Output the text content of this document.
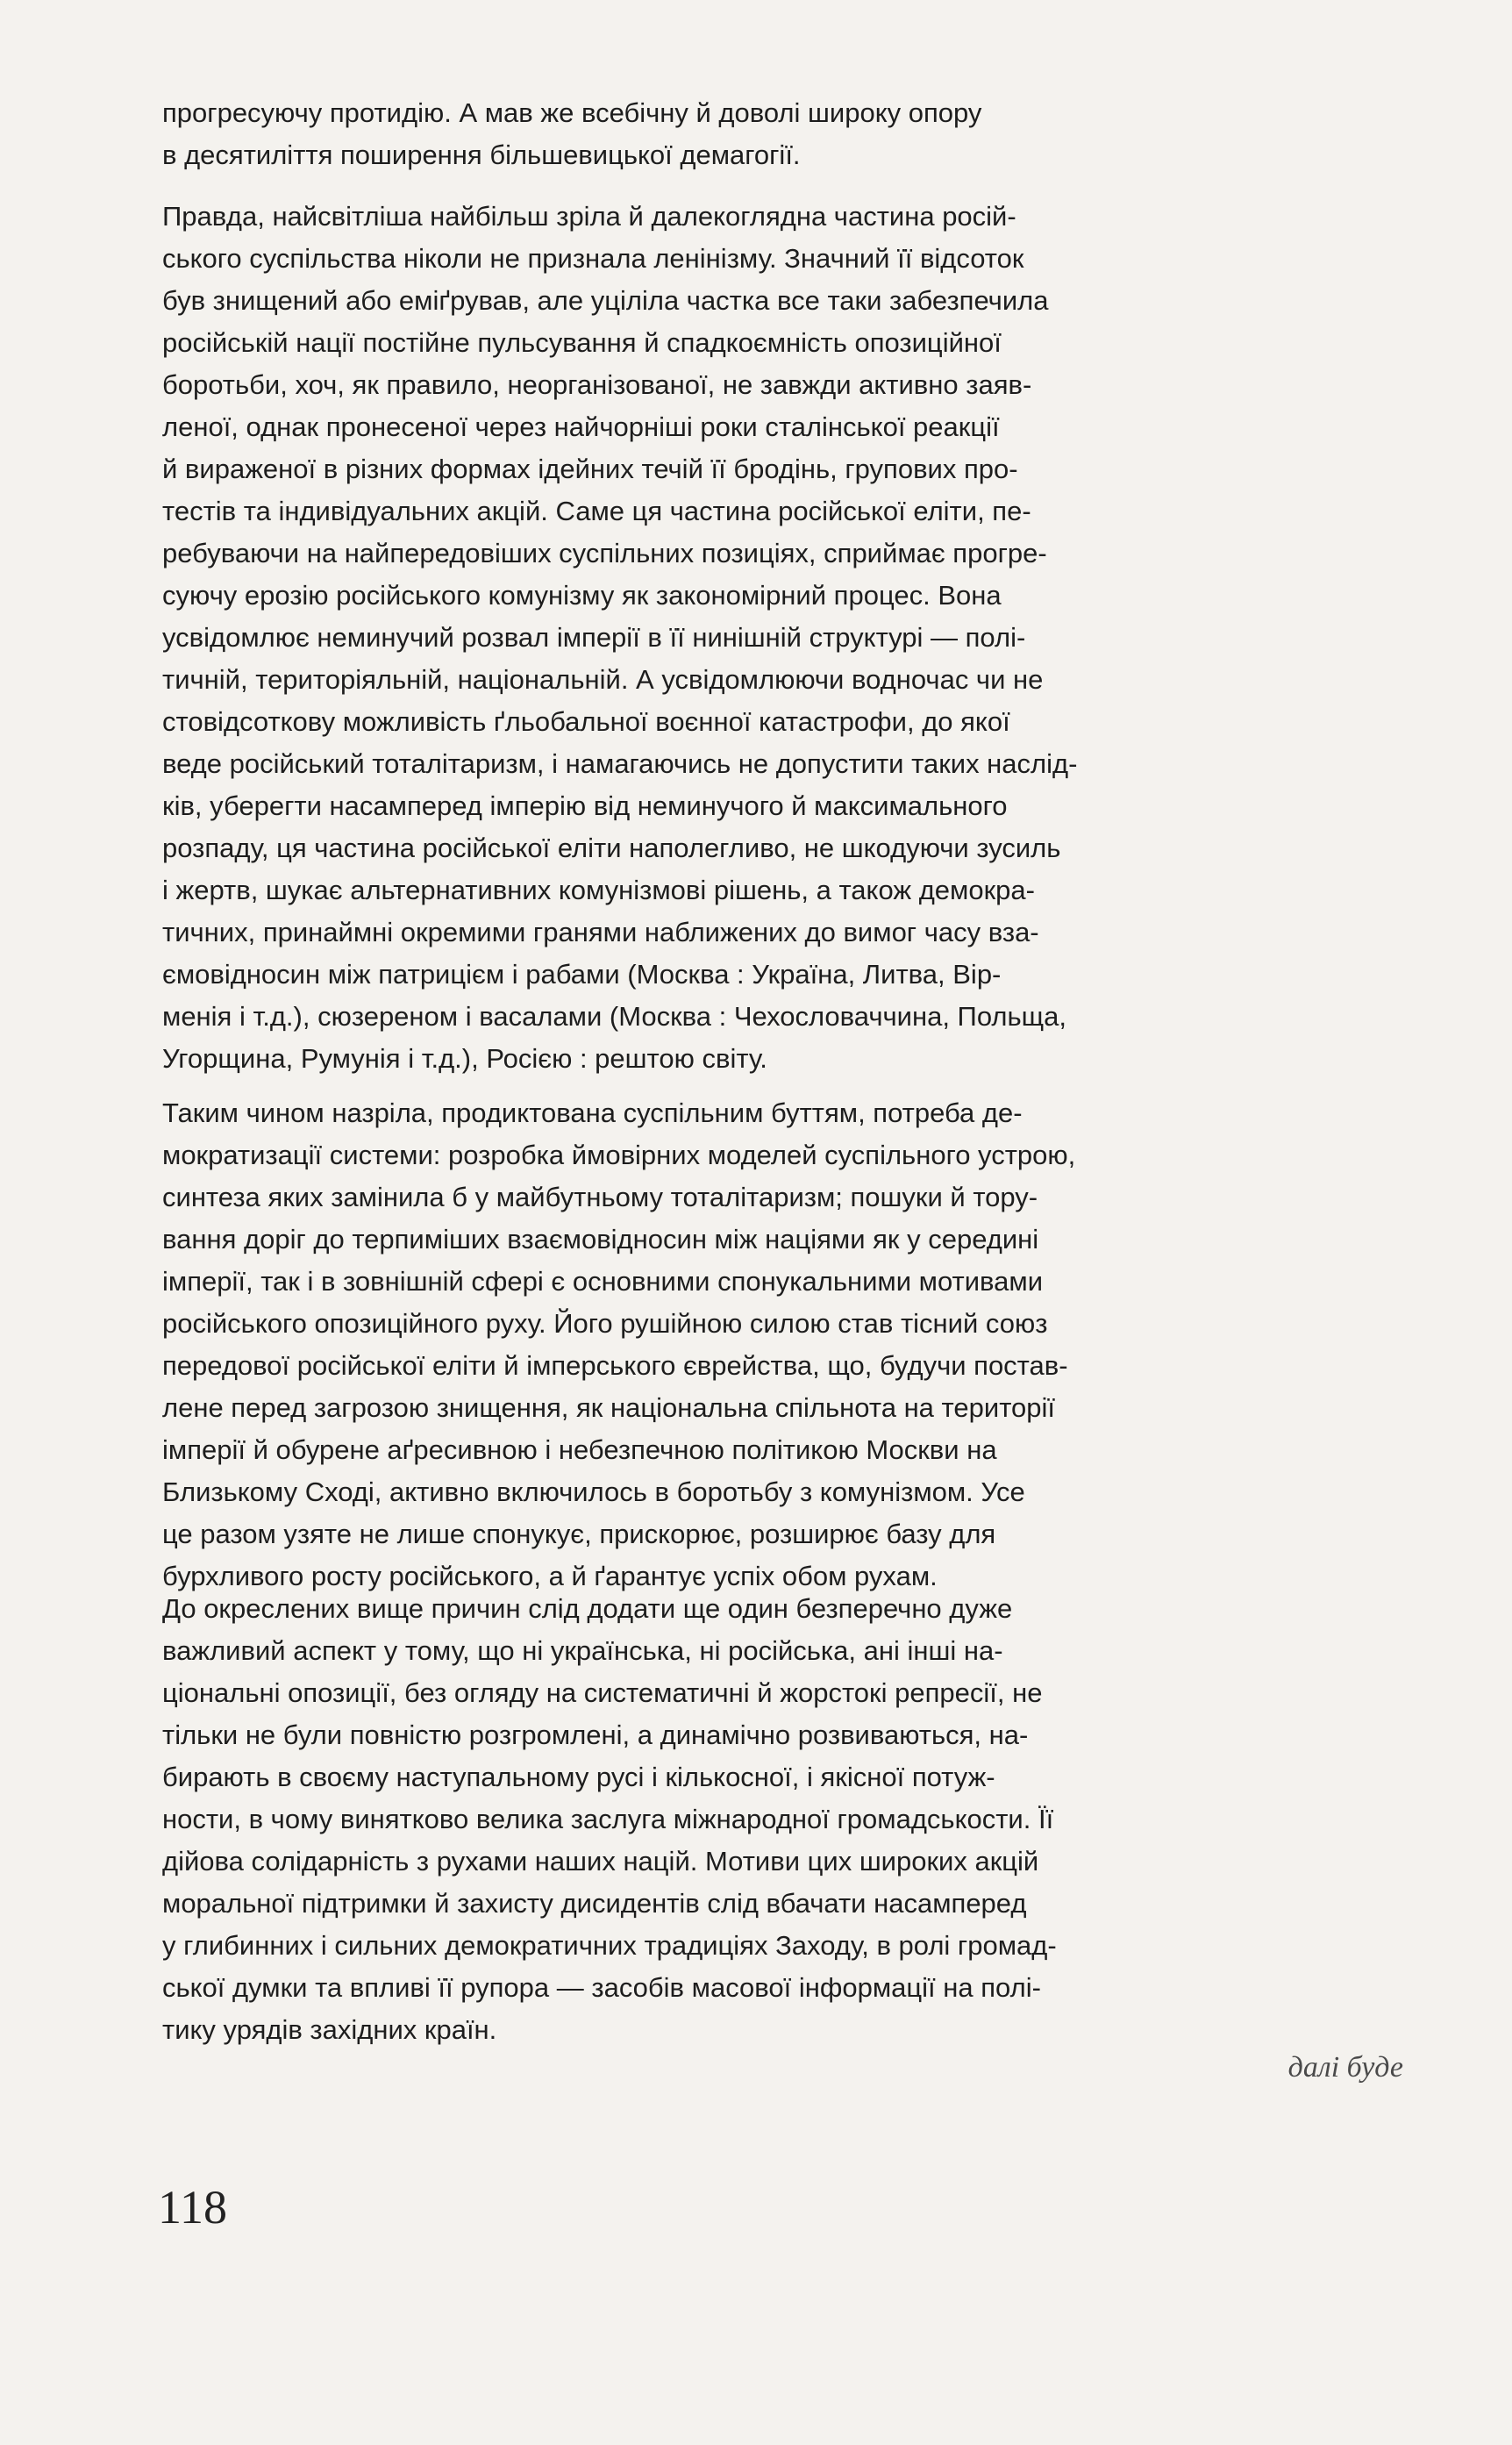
прогресуючу протидію. А мав же всебічну й доволі широку опору
в десятиліття поширення більшевицької демагогії.

Правда, найсвітліша найбільш зріла й далекоглядна частина росій-
ського суспільства ніколи не признала ленінізму. Значний її відсоток
був знищений або еміґрував, але уціліла частка все таки забезпечила
російській нації постійне пульсування й спадкоємність опозиційної
боротьби, хоч, як правило, неорганізованої, не завжди активно заяв-
леної, однак пронесеної через найчорніші роки сталінської реакції
й вираженої в різних формах ідейних течій її бродінь, групових про-
тестів та індивідуальних акцій. Саме ця частина російської еліти, пе-
ребуваючи на найпередовіших суспільних позиціях, сприймає прогре-
суючу ерозію російського комунізму як закономірний процес. Вона
усвідомлює неминучий розвал імперії в її нинішній структурі — полі-
тичній, територіяльній, національній. А усвідомлюючи водночас чи не
стовідсоткову можливість ґльобальної воєнної катастрофи, до якої
веде російський тоталітаризм, і намагаючись не допустити таких наслід-
ків, уберегти насамперед імперію від неминучого й максимального
розпаду, ця частина російської еліти наполегливо, не шкодуючи зусиль
і жертв, шукає альтернативних комунізмові рішень, а також демокра-
тичних, принаймні окремими гранями наближених до вимог часу вза-
ємовідносин між патрицієм і рабами (Москва : Україна, Литва, Вір-
менія і т.д.), сюзереном і васалами (Москва : Чехословаччина, Польща,
Угорщина, Румунія і т.д.), Росією : рештою світу.

Таким чином назріла, продиктована суспільним буттям, потреба де-
мократизації системи: розробка ймовірних моделей суспільного устрою,
синтеза яких замінила б у майбутньому тоталітаризм; пошуки й тору-
вання доріг до терпиміших взаємовідносин між націями як у середині
імперії, так і в зовнішній сфері є основними спонукальними мотивами
російського опозиційного руху. Його рушійною силою став тісний союз
передової російської еліти й імперського єврейства, що, будучи постав-
лене перед загрозою знищення, як національна спільнота на території
імперії й обурене аґресивною і небезпечною політикою Москви на
Близькому Сході, активно включилось в боротьбу з комунізмом. Усе
це разом узяте не лише спонукує, прискорює, розширює базу для
бурхливого росту російського, а й ґарантує успіх обом рухам.

До окреслених вище причин слід додати ще один безперечно дуже
важливий аспект у тому, що ні українська, ні російська, ані інші на-
ціональні опозиції, без огляду на систематичні й жорстокі репресії, не
тільки не були повністю розгромлені, а динамічно розвиваються, на-
бирають в своєму наступальному русі і кількосної, і якісної потуж-
ности, в чому винятково велика заслуга міжнародної громадськости. Її
дійова солідарність з рухами наших націй. Мотиви цих широких акцій
моральної підтримки й захисту дисидентів слід вбачати насамперед
у глибинних і сильних демократичних традиціях Заходу, в ролі громад-
ської думки та впливі її рупора — засобів масової інформації на полі-
тику урядів західних країн.

далі буде
118
